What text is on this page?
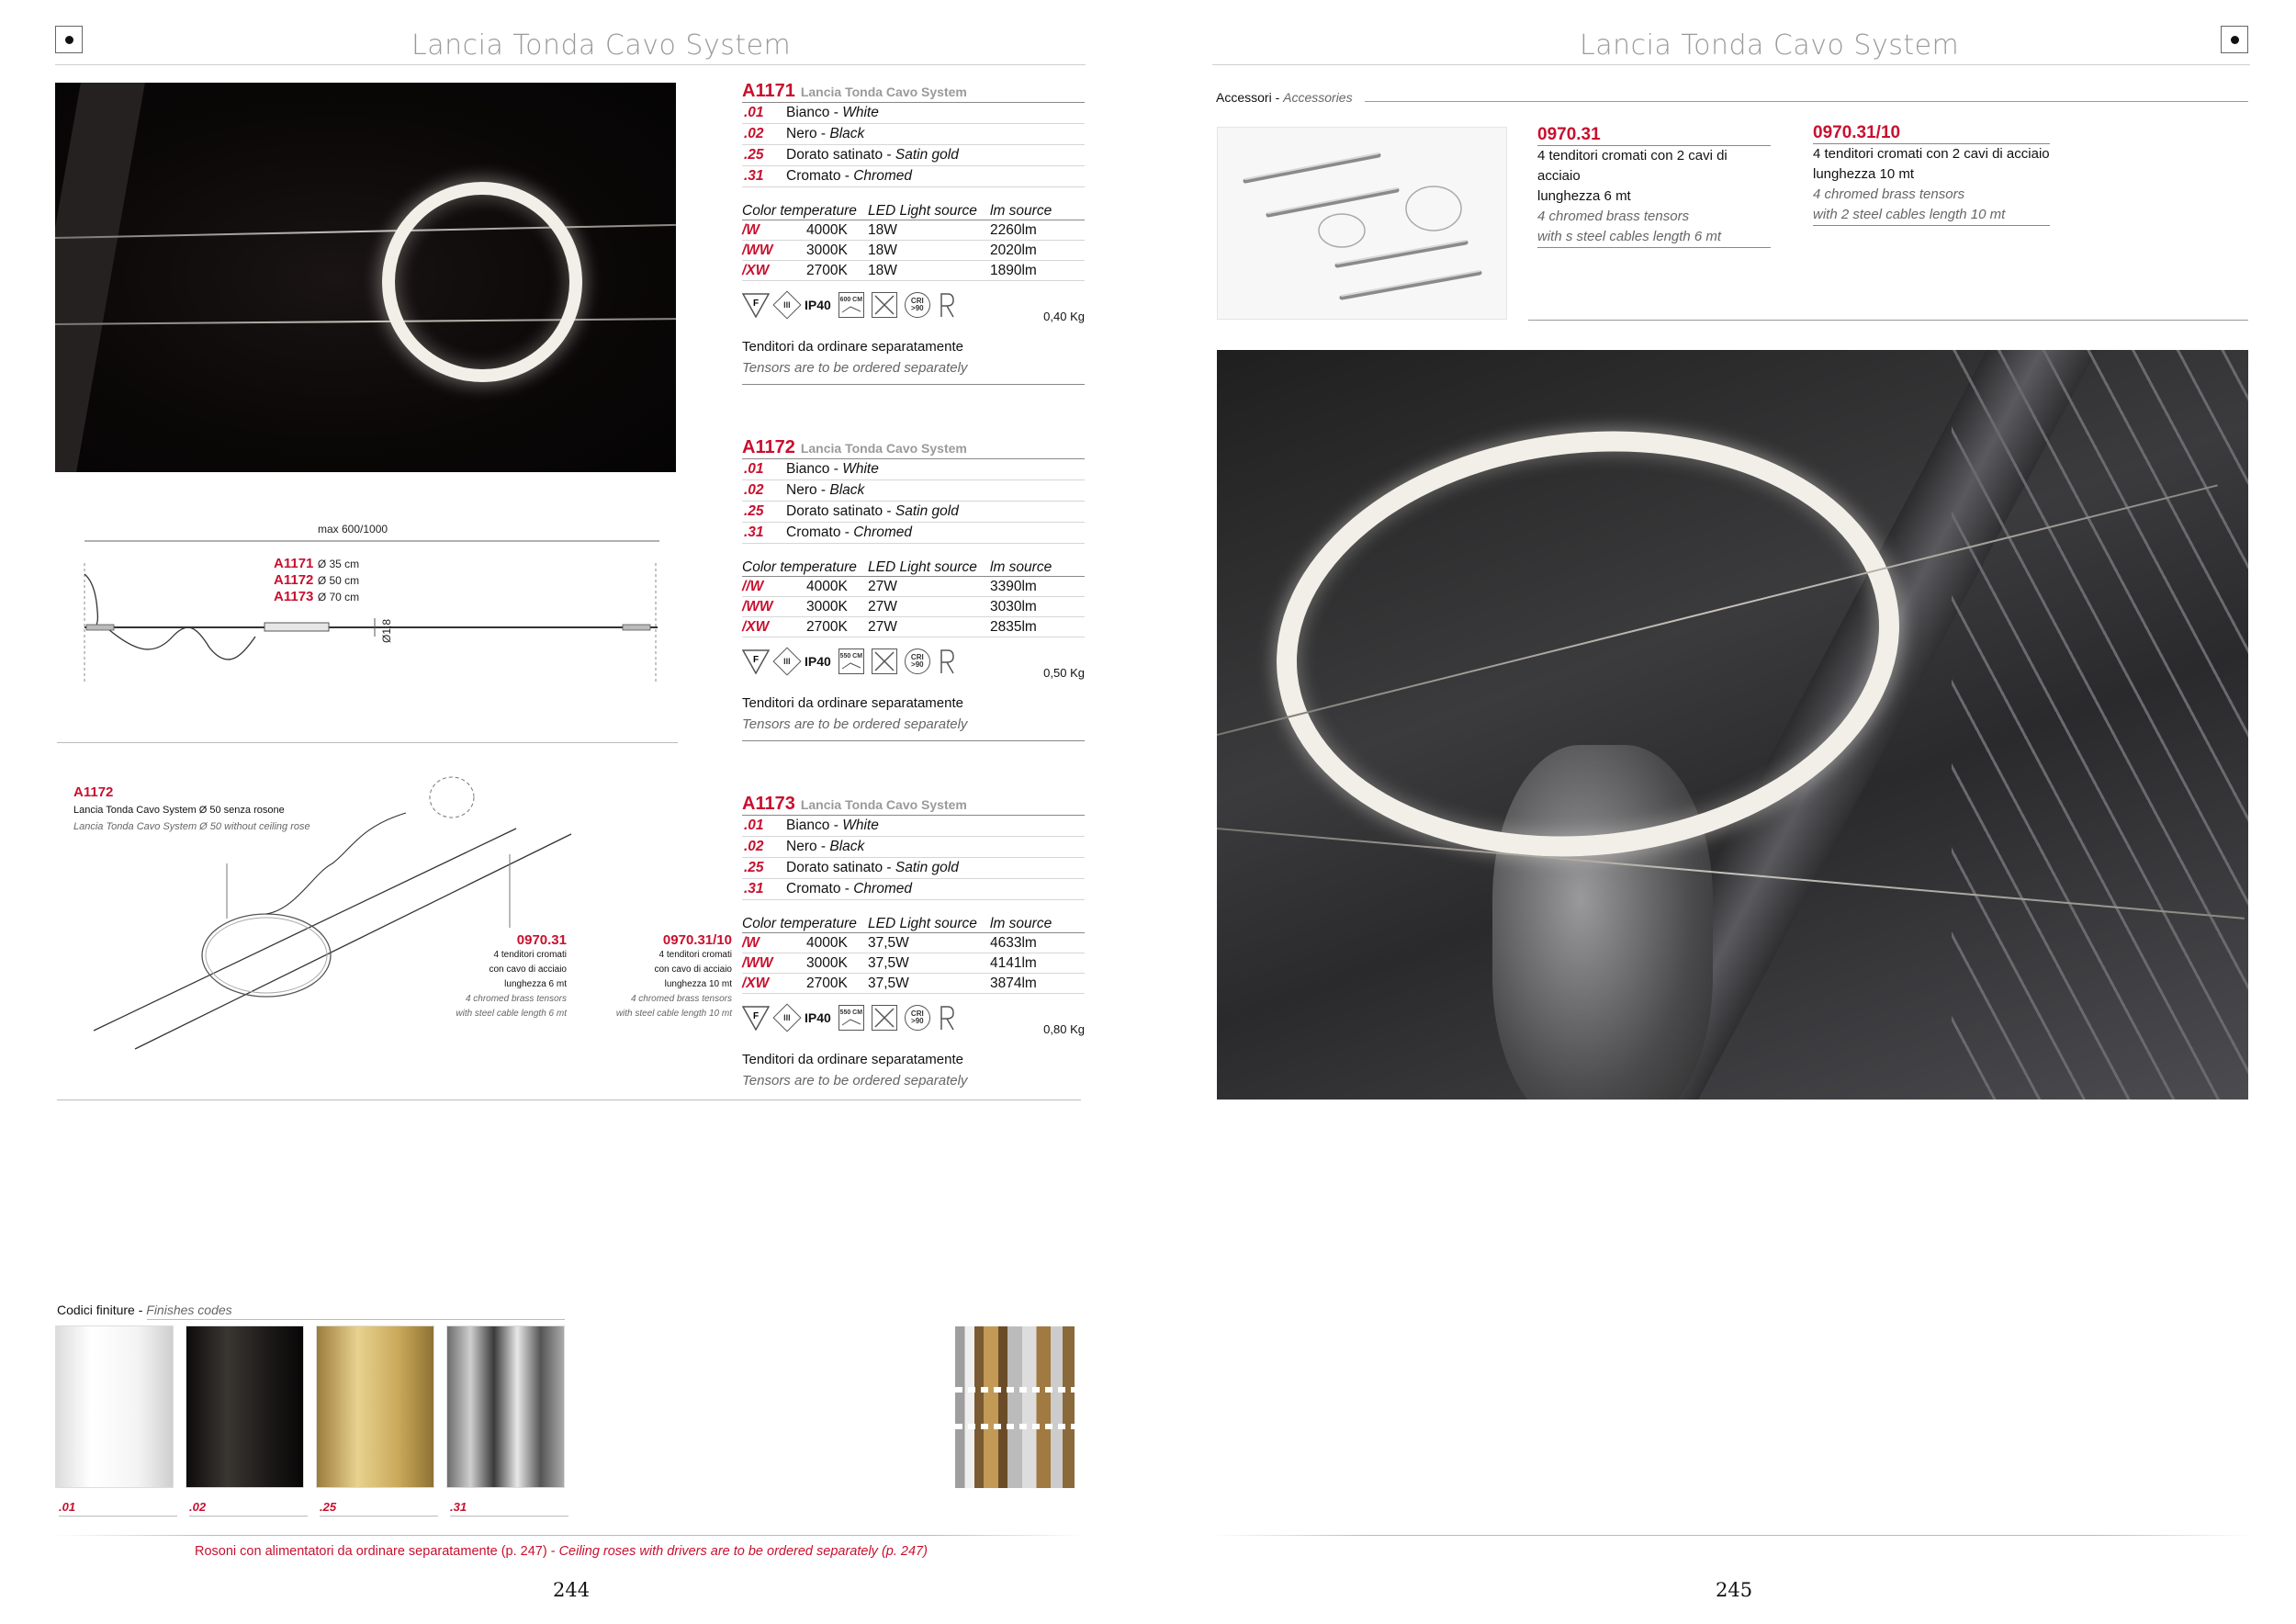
Lancia Tonda Cavo System
A1171 Lancia Tonda Cavo System
.01	Bianco - White
.02	Nero - Black
.25	Dorato satinato - Satin gold
.31	Cromato - Chromed
Color temperature LED Light source lm source
/W	4000K	18W	2260lm
/WW	3000K	18W	2020lm
/XW	2700K	18W	1890lm
F	III IP40 600 CM	CRI >90
0,40 Kg
Tenditori da ordinare separatamente
Tensors are to be ordered separately
A1172 Lancia Tonda Cavo System
.01	Bianco - White
.02	Nero - Black
.25	Dorato satinato - Satin gold
.31	Cromato - Chromed
Color temperature LED Light source lm source
//W	4000K	27W	3390lm
/WW	3000K	27W	3030lm
/XW	2700K	27W	2835lm
F	III IP40 550 CM	CRI >90
0,50 Kg
Tenditori da ordinare separatamente
Tensors are to be ordered separately
A1173 Lancia Tonda Cavo System
.01	Bianco - White
.02	Nero - Black
.25	Dorato satinato - Satin gold
.31	Cromato - Chromed
Color temperature LED Light source lm source
/W	4000K	37,5W	4633lm
/WW	3000K	37,5W	4141lm
/XW	2700K	37,5W	3874lm
F	III IP40 550 CM	CRI >90
0,80 Kg
Tenditori da ordinare separatamente
Tensors are to be ordered separately
max 600/1000
A1171 Ø 35 cm
A1172 Ø 50 cm
A1173 Ø 70 cm
Ø1,8
A1172
Lancia Tonda Cavo System Ø 50 senza rosone
Lancia Tonda Cavo System Ø 50 without ceiling rose
0970.31
4 tenditori cromati
con cavo di acciaio
lunghezza 6 mt
4 chromed brass tensors
with steel cable length 6 mt
0970.31/10
4 tenditori cromati
con cavo di acciaio
lunghezza 10 mt
4 chromed brass tensors
with steel cable length 10 mt
Codici finiture - Finishes codes
.01	.02	.25	.31
Rosoni con alimentatori da ordinare separatamente (p. 247) - Ceiling roses with drivers are to be ordered separately (p. 247)
244
Lancia Tonda Cavo System
Accessori - Accessories
0970.31
4 tenditori cromati con 2 cavi di acciaio
lunghezza 6 mt
4 chromed brass tensors
with s steel cables length 6 mt
0970.31/10
4 tenditori cromati con 2 cavi di acciaio
lunghezza 10 mt
4 chromed brass tensors
with 2 steel cables length 10 mt
245
